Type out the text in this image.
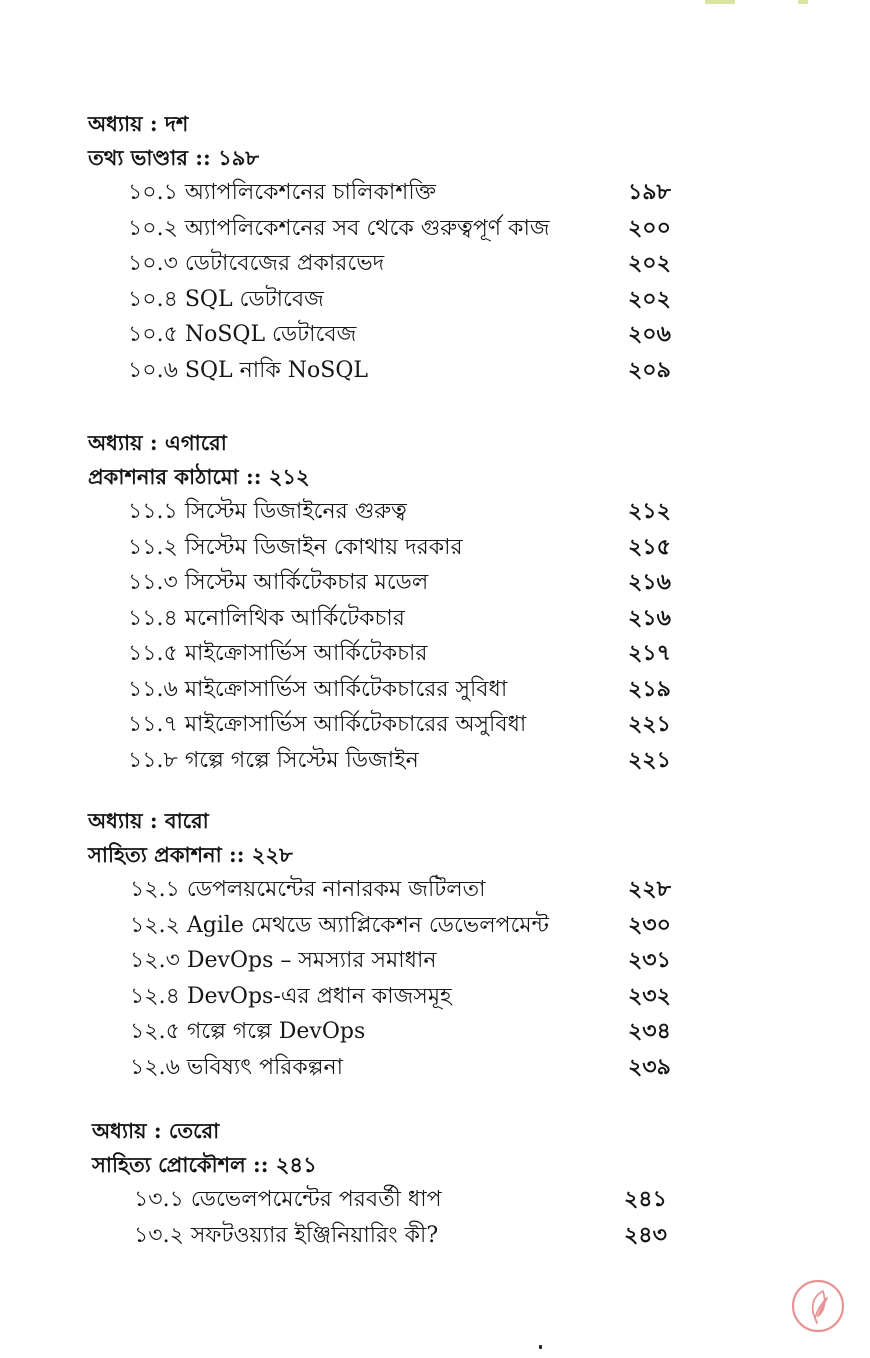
অধ্যায় : দশ
তথ্য ভাণ্ডার :: ১৯৮
১০.১ অ্যাপলিকেশনের চালিকাশক্তি	১৯৮
১০.২ অ্যাপলিকেশনের সব থেকে গুরুত্বপূর্ণ কাজ	২০০
১০.৩ ডেটাবেজের প্রকারভেদ	২০২
১০.৪ SQL ডেটাবেজ	২০২
১০.৫ NoSQL ডেটাবেজ	২০৬
১০.৬ SQL নাকি NoSQL	২০৯
অধ্যায় : এগারো
প্রকাশনার কাঠামো :: ২১২
১১.১ সিস্টেম ডিজাইনের গুরুত্ব	২১২
১১.২ সিস্টেম ডিজাইন কোথায় দরকার	২১৫
১১.৩ সিস্টেম আর্কিটেকচার মডেল	২১৬
১১.৪ মনোলিথিক আর্কিটেকচার	২১৬
১১.৫ মাইক্রোসার্ভিস আর্কিটেকচার	২১৭
১১.৬ মাইক্রোসার্ভিস আর্কিটেকচারের সুবিধা	২১৯
১১.৭ মাইক্রোসার্ভিস আর্কিটেকচারের অসুবিধা	২২১
১১.৮ গল্পে গল্পে সিস্টেম ডিজাইন	২২১
অধ্যায় : বারো
সাহিত্য প্রকাশনা :: ২২৮
১২.১ ডেপলয়মেন্টের নানারকম জটিলতা	২২৮
১২.২ Agile মেথডে অ্যাপ্লিকেশন ডেভেলপমেন্ট	২৩০
১২.৩ DevOps – সমস্যার সমাধান	২৩১
১২.৪ DevOps-এর প্রধান কাজসমূহ	২৩২
১২.৫ গল্পে গল্পে DevOps	২৩৪
১২.৬ ভবিষ্যৎ পরিকল্পনা	২৩৯
অধ্যায় : তেরো
সাহিত্য প্রোকৌশল :: ২৪১
১৩.১ ডেভেলপমেন্টের পরবর্তী ধাপ	২৪১
১৩.২ সফটওয়্যার ইঞ্জিনিয়ারিং কী?	২৪৩
